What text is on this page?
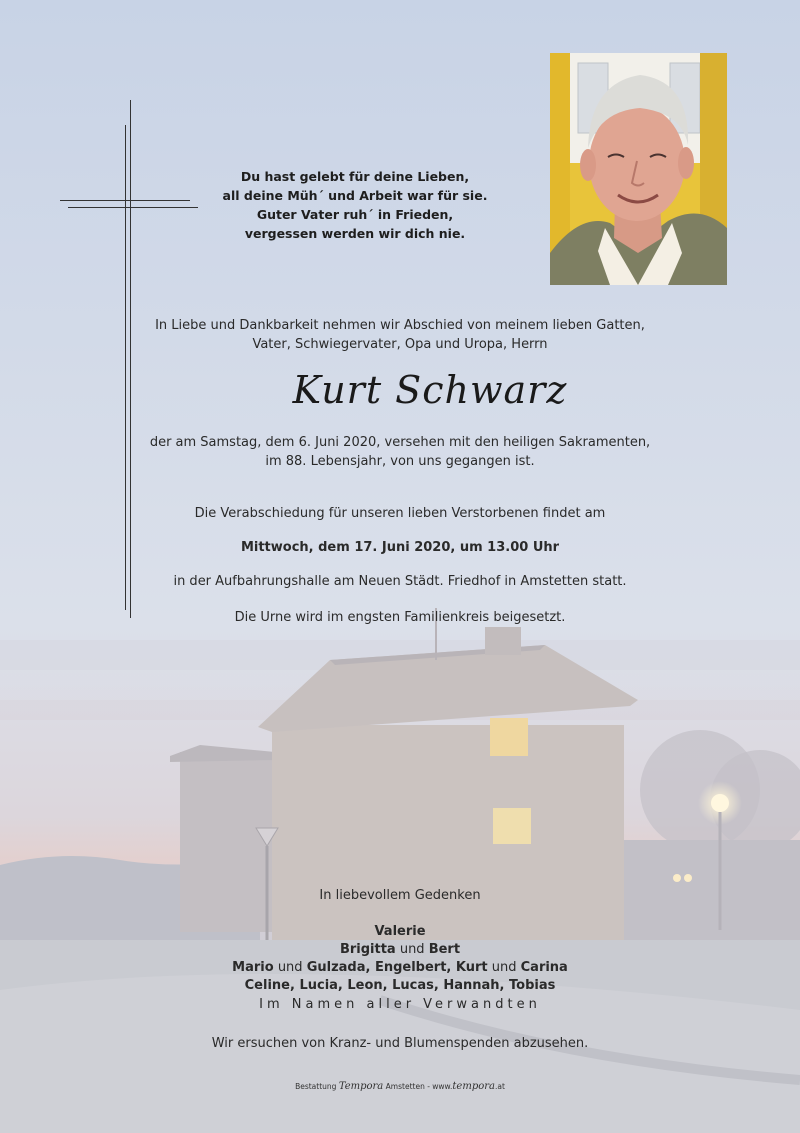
Du hast gelebt für deine Lieben,
all deine Müh´ und Arbeit war für sie.
Guter Vater ruh´ in Frieden,
vergessen werden wir dich nie.
In Liebe und Dankbarkeit nehmen wir Abschied von meinem lieben Gatten,
Vater, Schwiegervater, Opa und Uropa, Herrn
Kurt Schwarz
der am Samstag, dem 6. Juni 2020, versehen mit den heiligen Sakramenten,
im 88. Lebensjahr, von uns gegangen ist.
Die Verabschiedung für unseren lieben Verstorbenen findet am
Mittwoch, dem 17. Juni 2020, um 13.00 Uhr
in der Aufbahrungshalle am Neuen Städt. Friedhof in Amstetten statt.
Die Urne wird im engsten Familienkreis beigesetzt.
In liebevollem Gedenken
Valerie
Brigitta und Bert
Mario und Gulzada, Engelbert, Kurt und Carina
Celine, Lucia, Leon, Lucas, Hannah, Tobias
Im Namen aller Verwandten
Wir ersuchen von Kranz- und Blumenspenden abzusehen.
Bestattung Tempora Amstetten - www.tempora.at
